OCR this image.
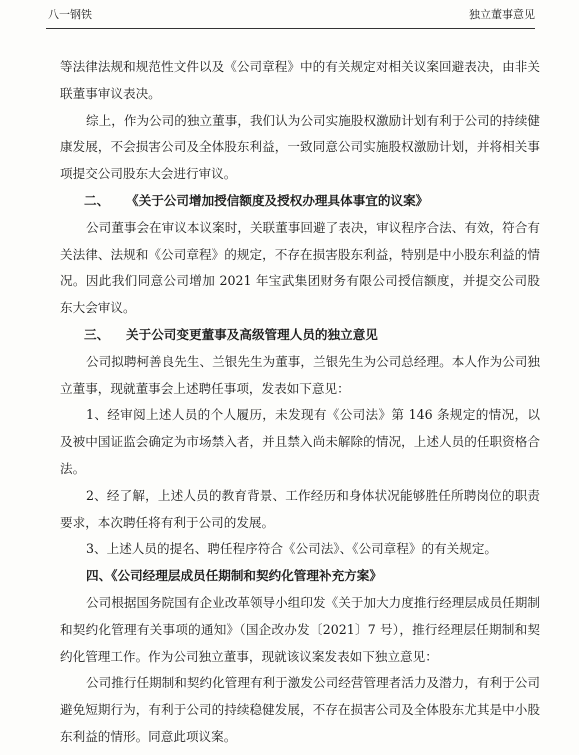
八一钢铁	独立董事意见

等法律法规和规范性文件以及《公司章程》中的有关规定对相关议案回避表决，由非关联董事审议表决。

综上，作为公司的独立董事，我们认为公司实施股权激励计划有利于公司的持续健康发展，不会损害公司及全体股东利益，一致同意公司实施股权激励计划，并将相关事项提交公司股东大会进行审议。

二、 《关于公司增加授信额度及授权办理具体事宜的议案》

公司董事会在审议本议案时，关联董事回避了表决，审议程序合法、有效，符合有关法律、法规和《公司章程》的规定，不存在损害股东利益，特别是中小股东利益的情况。因此我们同意公司增加 2021 年宝武集团财务有限公司授信额度，并提交公司股东大会审议。

三、 关于公司变更董事及高级管理人员的独立意见

公司拟聘柯善良先生、兰银先生为董事，兰银先生为公司总经理。本人作为公司独立董事，现就董事会上述聘任事项，发表如下意见：

1、经审阅上述人员的个人履历，未发现有《公司法》第 146 条规定的情况，以及被中国证监会确定为市场禁入者，并且禁入尚未解除的情况，上述人员的任职资格合法。

2、经了解，上述人员的教育背景、工作经历和身体状况能够胜任所聘岗位的职责要求，本次聘任将有利于公司的发展。

3、上述人员的提名、聘任程序符合《公司法》、《公司章程》的有关规定。

四、《公司经理层成员任期制和契约化管理补充方案》

公司根据国务院国有企业改革领导小组印发《关于加大力度推行经理层成员任期制和契约化管理有关事项的通知》（国企改办发〔2021〕7 号），推行经理层任期制和契约化管理工作。作为公司独立董事，现就该议案发表如下独立意见：

公司推行任期制和契约化管理有利于激发公司经营管理者活力及潜力，有利于公司避免短期行为，有利于公司的持续稳健发展，不存在损害公司及全体股东尤其是中小股东利益的情形。同意此项议案。
